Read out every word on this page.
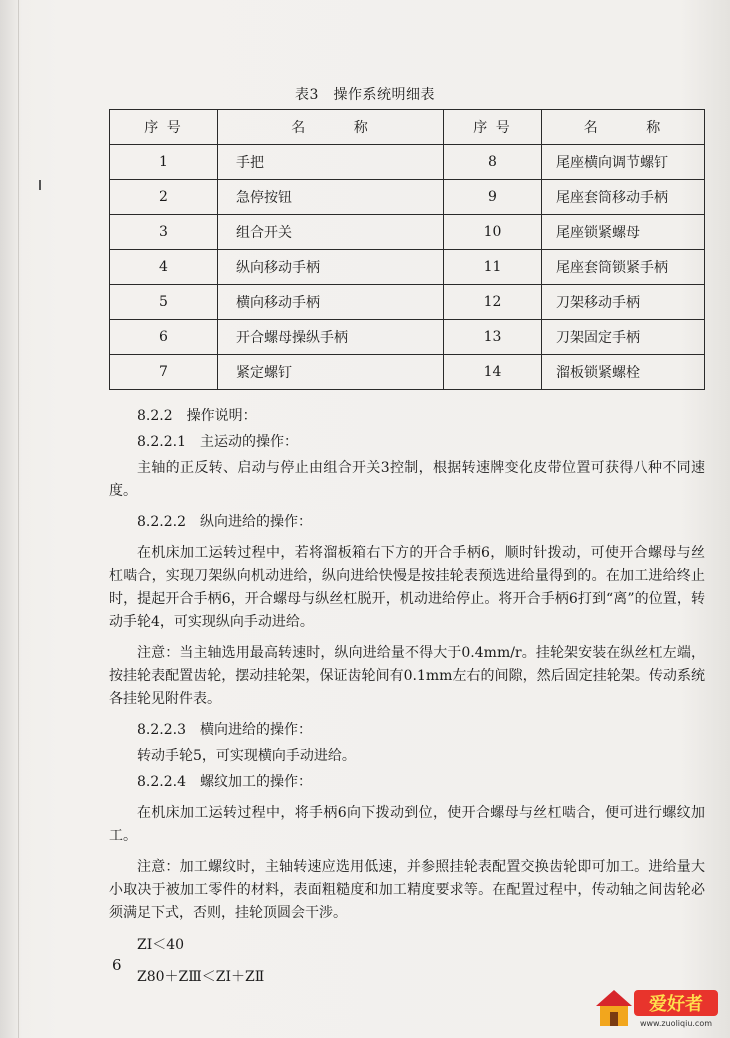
表3　操作系统明细表
序 号	名 称	序 号	名 称
1	手把	8	尾座横向调节螺钉
2	急停按钮	9	尾座套筒移动手柄
3	组合开关	10	尾座锁紧螺母
4	纵向移动手柄	11	尾座套筒锁紧手柄
5	横向移动手柄	12	刀架移动手柄
6	开合螺母操纵手柄	13	刀架固定手柄
7	紧定螺钉	14	溜板锁紧螺栓

8.2.2　操作说明：

8.2.2.1　主运动的操作：

主轴的正反转、启动与停止由组合开关3控制，根据转速牌变化皮带位置可获得八种不同速度。

8.2.2.2　纵向进给的操作：

在机床加工运转过程中，若将溜板箱右下方的开合手柄6，顺时针拨动，可使开合螺母与丝杠啮合，实现刀架纵向机动进给，纵向进给快慢是按挂轮表预选进给量得到的。在加工进给终止时，提起开合手柄6，开合螺母与纵丝杠脱开，机动进给停止。将开合手柄6打到“离”的位置，转动手轮4，可实现纵向手动进给。

注意：当主轴选用最高转速时，纵向进给量不得大于0.4mm/r。挂轮架安装在纵丝杠左端，按挂轮表配置齿轮，摆动挂轮架，保证齿轮间有0.1mm左右的间隙，然后固定挂轮架。传动系统各挂轮见附件表。

8.2.2.3　横向进给的操作：

转动手轮5，可实现横向手动进给。

8.2.2.4　螺纹加工的操作：

在机床加工运转过程中，将手柄6向下拨动到位，使开合螺母与丝杠啮合，便可进行螺纹加工。

注意：加工螺纹时，主轴转速应选用低速，并参照挂轮表配置交换齿轮即可加工。进给量大小取决于被加工零件的材料，表面粗糙度和加工精度要求等。在配置过程中，传动轴之间齿轮必须满足下式，否则，挂轮顶圆会干涉。

ZⅠ＜40

Z80＋ZⅢ＜ZⅠ＋ZⅡ

6
爱好者
www.zuoliqiu.com
